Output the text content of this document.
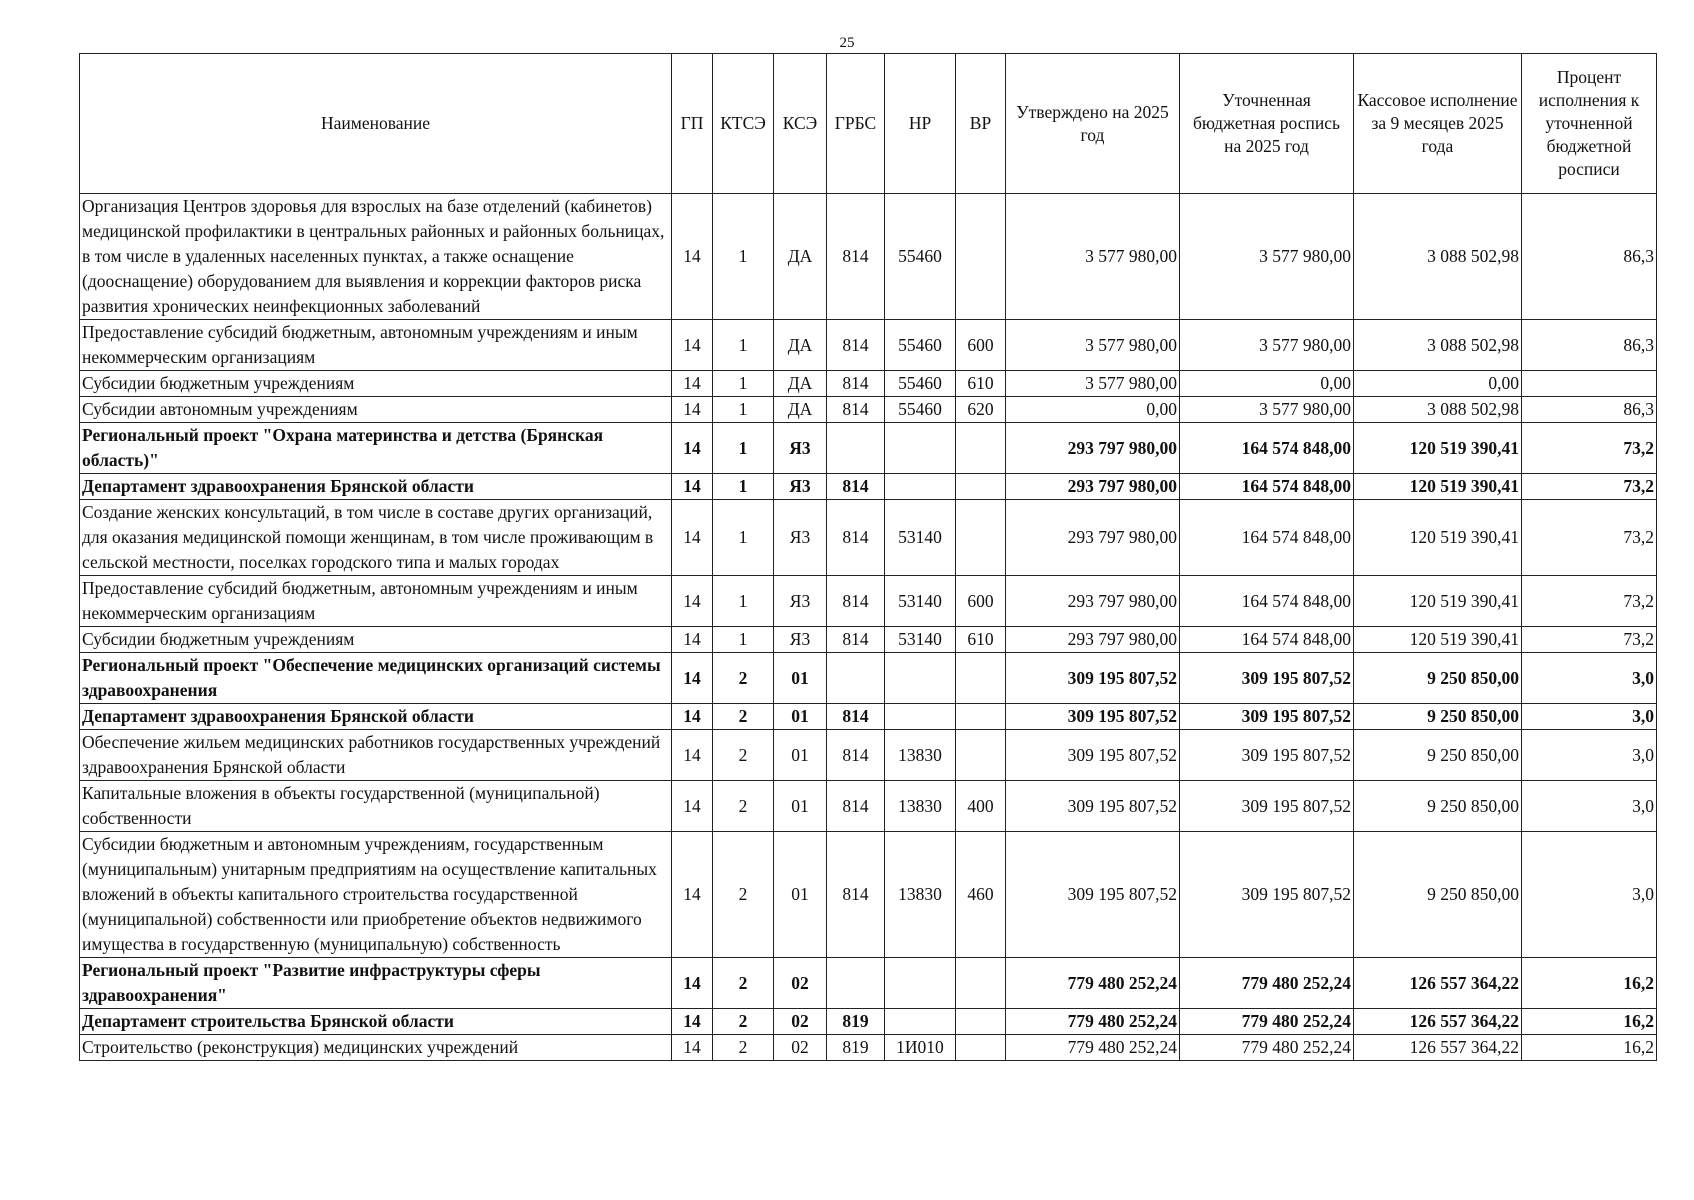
25
Наименование	ГП	КТСЭ	КСЭ	ГРБС	НР	ВР	Утверждено на 2025 год	Уточненная бюджетная роспись на 2025 год	Кассовое исполнение за 9 месяцев 2025 года	Процент исполнения к уточненной бюджетной росписи
Организация Центров здоровья для взрослых на базе отделений (кабинетов) медицинской профилактики в центральных районных и районных больницах, в том числе в удаленных населенных пунктах, а также оснащение (дооснащение) оборудованием для выявления и коррекции факторов риска развития хронических неинфекционных заболеваний	14	1	ДА	814	55460		3 577 980,00	3 577 980,00	3 088 502,98	86,3
Предоставление субсидий бюджетным, автономным учреждениям и иным некоммерческим организациям	14	1	ДА	814	55460	600	3 577 980,00	3 577 980,00	3 088 502,98	86,3
Субсидии бюджетным учреждениям	14	1	ДА	814	55460	610	3 577 980,00	0,00	0,00	
Субсидии автономным учреждениям	14	1	ДА	814	55460	620	0,00	3 577 980,00	3 088 502,98	86,3
Региональный проект "Охрана материнства и детства (Брянская область)"	14	1	Я3				293 797 980,00	164 574 848,00	120 519 390,41	73,2
Департамент здравоохранения Брянской области	14	1	Я3	814			293 797 980,00	164 574 848,00	120 519 390,41	73,2
Создание женских консультаций, в том числе в составе других организаций, для оказания медицинской помощи женщинам, в том числе проживающим в сельской местности, поселках городского типа и малых городах	14	1	Я3	814	53140		293 797 980,00	164 574 848,00	120 519 390,41	73,2
Предоставление субсидий бюджетным, автономным учреждениям и иным некоммерческим организациям	14	1	Я3	814	53140	600	293 797 980,00	164 574 848,00	120 519 390,41	73,2
Субсидии бюджетным учреждениям	14	1	Я3	814	53140	610	293 797 980,00	164 574 848,00	120 519 390,41	73,2
Региональный проект "Обеспечение медицинских организаций системы здравоохранения	14	2	01				309 195 807,52	309 195 807,52	9 250 850,00	3,0
Департамент здравоохранения Брянской области	14	2	01	814			309 195 807,52	309 195 807,52	9 250 850,00	3,0
Обеспечение жильем медицинских работников государственных учреждений здравоохранения Брянской области	14	2	01	814	13830		309 195 807,52	309 195 807,52	9 250 850,00	3,0
Капитальные вложения в объекты государственной (муниципальной) собственности	14	2	01	814	13830	400	309 195 807,52	309 195 807,52	9 250 850,00	3,0
Субсидии бюджетным и автономным учреждениям, государственным (муниципальным) унитарным предприятиям на осуществление капитальных вложений в объекты капитального строительства государственной (муниципальной) собственности или приобретение объектов недвижимого имущества в государственную (муниципальную) собственность	14	2	01	814	13830	460	309 195 807,52	309 195 807,52	9 250 850,00	3,0
Региональный проект "Развитие инфраструктуры сферы здравоохранения"	14	2	02				779 480 252,24	779 480 252,24	126 557 364,22	16,2
Департамент строительства Брянской области	14	2	02	819			779 480 252,24	779 480 252,24	126 557 364,22	16,2
Строительство (реконструкция) медицинских учреждений	14	2	02	819	1И010		779 480 252,24	779 480 252,24	126 557 364,22	16,2
